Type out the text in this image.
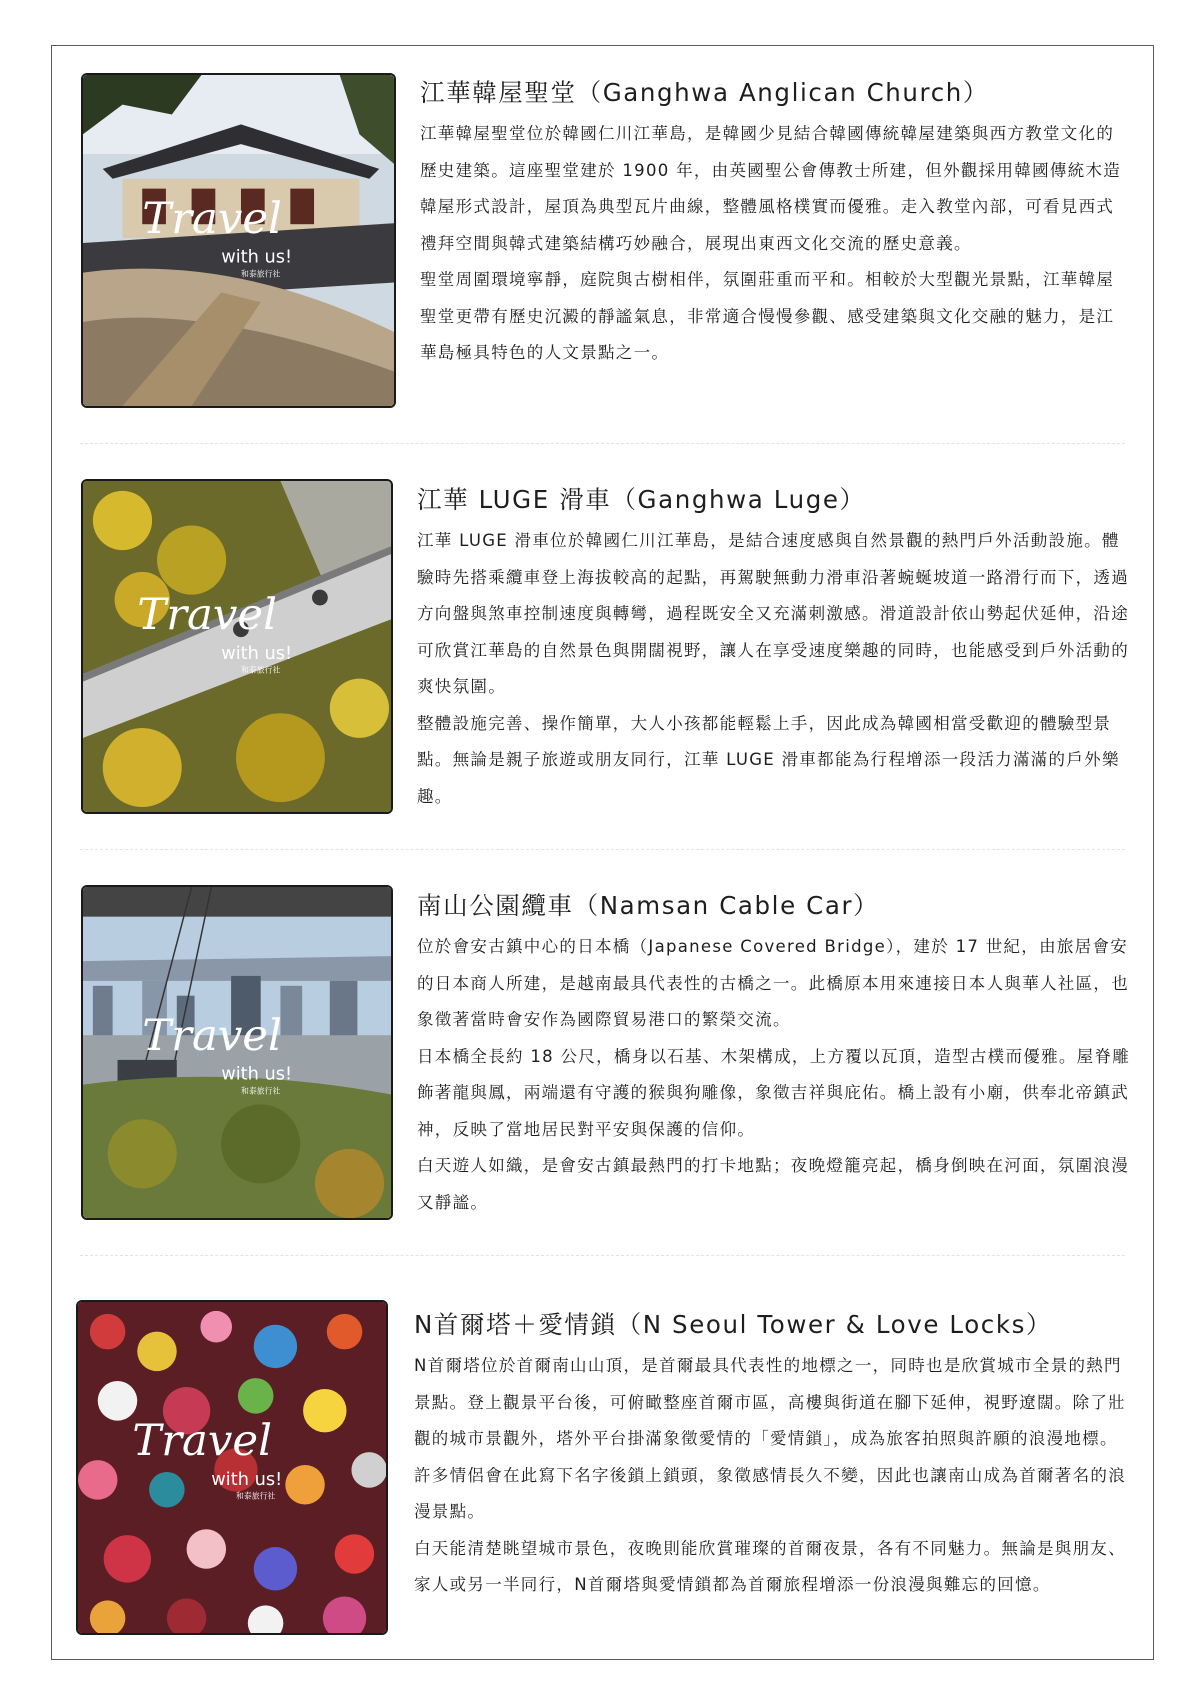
Travel
with us!
和泰旅行社
江華韓屋聖堂（Ganghwa Anglican Church）

江華韓屋聖堂位於韓國仁川江華島，是韓國少見結合韓國傳統韓屋建築與西方教堂文化的歷史建築。這座聖堂建於 1900 年，由英國聖公會傳教士所建，但外觀採用韓國傳統木造韓屋形式設計，屋頂為典型瓦片曲線，整體風格樸實而優雅。走入教堂內部，可看見西式禮拜空間與韓式建築結構巧妙融合，展現出東西文化交流的歷史意義。

聖堂周圍環境寧靜，庭院與古樹相伴，氛圍莊重而平和。相較於大型觀光景點，江華韓屋聖堂更帶有歷史沉澱的靜謐氣息，非常適合慢慢參觀、感受建築與文化交融的魅力，是江華島極具特色的人文景點之一。

Travel
with us!
和泰旅行社
江華 LUGE 滑車（Ganghwa Luge）

江華 LUGE 滑車位於韓國仁川江華島，是結合速度感與自然景觀的熱門戶外活動設施。體驗時先搭乘纜車登上海拔較高的起點，再駕駛無動力滑車沿著蜿蜒坡道一路滑行而下，透過方向盤與煞車控制速度與轉彎，過程既安全又充滿刺激感。滑道設計依山勢起伏延伸，沿途可欣賞江華島的自然景色與開闊視野，讓人在享受速度樂趣的同時，也能感受到戶外活動的爽快氛圍。

整體設施完善、操作簡單，大人小孩都能輕鬆上手，因此成為韓國相當受歡迎的體驗型景點。無論是親子旅遊或朋友同行，江華 LUGE 滑車都能為行程增添一段活力滿滿的戶外樂趣。

Travel
with us!
和泰旅行社
南山公園纜車（Namsan Cable Car）

位於會安古鎮中心的日本橋（Japanese Covered Bridge），建於 17 世紀，由旅居會安的日本商人所建，是越南最具代表性的古橋之一。此橋原本用來連接日本人與華人社區，也象徵著當時會安作為國際貿易港口的繁榮交流。

日本橋全長約 18 公尺，橋身以石基、木架構成，上方覆以瓦頂，造型古樸而優雅。屋脊雕飾著龍與鳳，兩端還有守護的猴與狗雕像，象徵吉祥與庇佑。橋上設有小廟，供奉北帝鎮武神，反映了當地居民對平安與保護的信仰。

白天遊人如織，是會安古鎮最熱門的打卡地點；夜晚燈籠亮起，橋身倒映在河面，氛圍浪漫又靜謐。

Travel
with us!
和泰旅行社
N首爾塔＋愛情鎖（N Seoul Tower & Love Locks）

N首爾塔位於首爾南山山頂，是首爾最具代表性的地標之一，同時也是欣賞城市全景的熱門景點。登上觀景平台後，可俯瞰整座首爾市區，高樓與街道在腳下延伸，視野遼闊。除了壯觀的城市景觀外，塔外平台掛滿象徵愛情的「愛情鎖」，成為旅客拍照與許願的浪漫地標。許多情侶會在此寫下名字後鎖上鎖頭，象徵感情長久不變，因此也讓南山成為首爾著名的浪漫景點。

白天能清楚眺望城市景色，夜晚則能欣賞璀璨的首爾夜景，各有不同魅力。無論是與朋友、家人或另一半同行，N首爾塔與愛情鎖都為首爾旅程增添一份浪漫與難忘的回憶。
